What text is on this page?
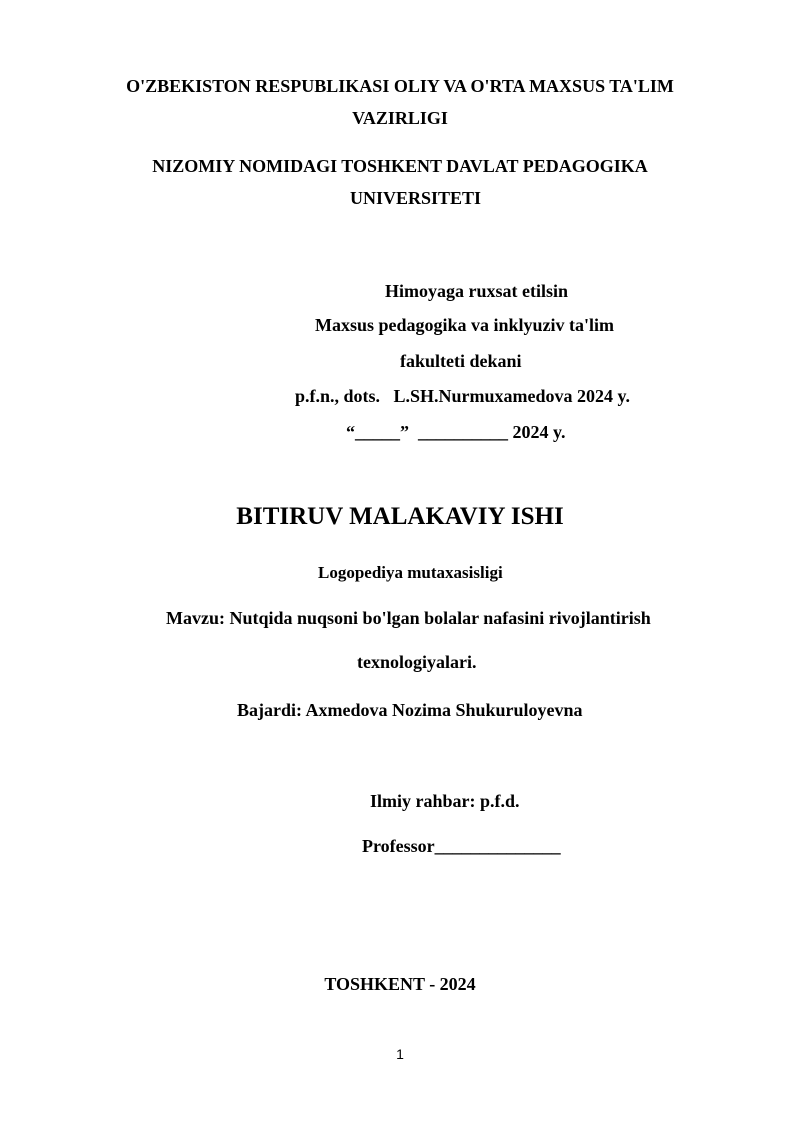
O'ZBEKISTON RESPUBLIKASI OLIY VA O'RTA MAXSUS TA'LIM
VAZIRLIGI
NIZOMIY NOMIDAGI TOSHKENT DAVLAT PEDAGOGIKA
UNIVERSITETI
Himoyaga ruxsat etilsin
Maxsus pedagogika va inklyuziv ta'lim
fakulteti dekani
p.f.n., dots.   L.SH.Nurmuxamedova 2024 y.
“_____”  __________ 2024 y.
BITIRUV MALAKAVIY ISHI
Logopediya mutaxasisligi
Mavzu: Nutqida nuqsoni bo'lgan bolalar nafasini rivojlantirish
texnologiyalari.
Bajardi: Axmedova Nozima Shukuruloyevna
Ilmiy rahbar: p.f.d.
Professor______________
TOSHKENT - 2024
1
